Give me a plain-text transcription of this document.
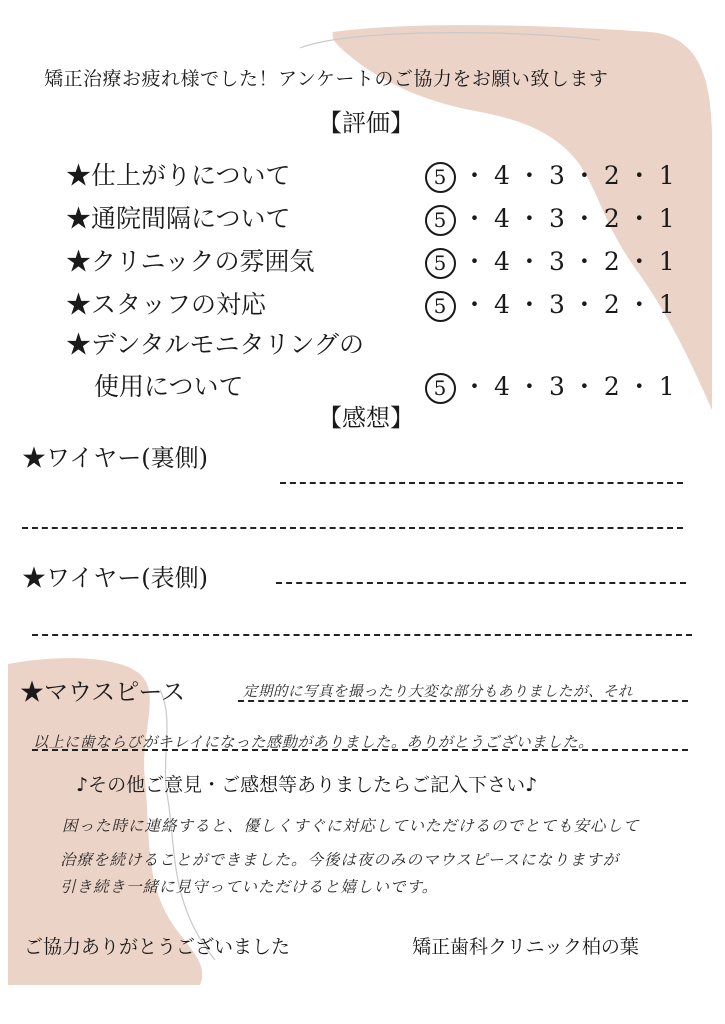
矯正治療お疲れ様でした！アンケートのご協力をお願い致します
【評価】
★仕上がりについて	5 ・ 4 ・ 3 ・ 2 ・ 1
★通院間隔について	5 ・ 4 ・ 3 ・ 2 ・ 1
★クリニックの雰囲気	5 ・ 4 ・ 3 ・ 2 ・ 1
★スタッフの対応	5 ・ 4 ・ 3 ・ 2 ・ 1
★デンタルモニタリングの
使用について	5 ・ 4 ・ 3 ・ 2 ・ 1
【感想】
★ワイヤー(裏側)
★ワイヤー(表側)
★マウスピース	定期的に写真を撮ったり大変な部分もありましたが、それ
以上に歯ならびがキレイになった感動がありました。ありがとうございました。
♪その他ご意見・ご感想等ありましたらご記入下さい♪
困った時に連絡すると、優しくすぐに対応していただけるのでとても安心して
治療を続けることができました。今後は夜のみのマウスピースになりますが
引き続き一緒に見守っていただけると嬉しいです。
ご協力ありがとうございました	矯正歯科クリニック柏の葉
